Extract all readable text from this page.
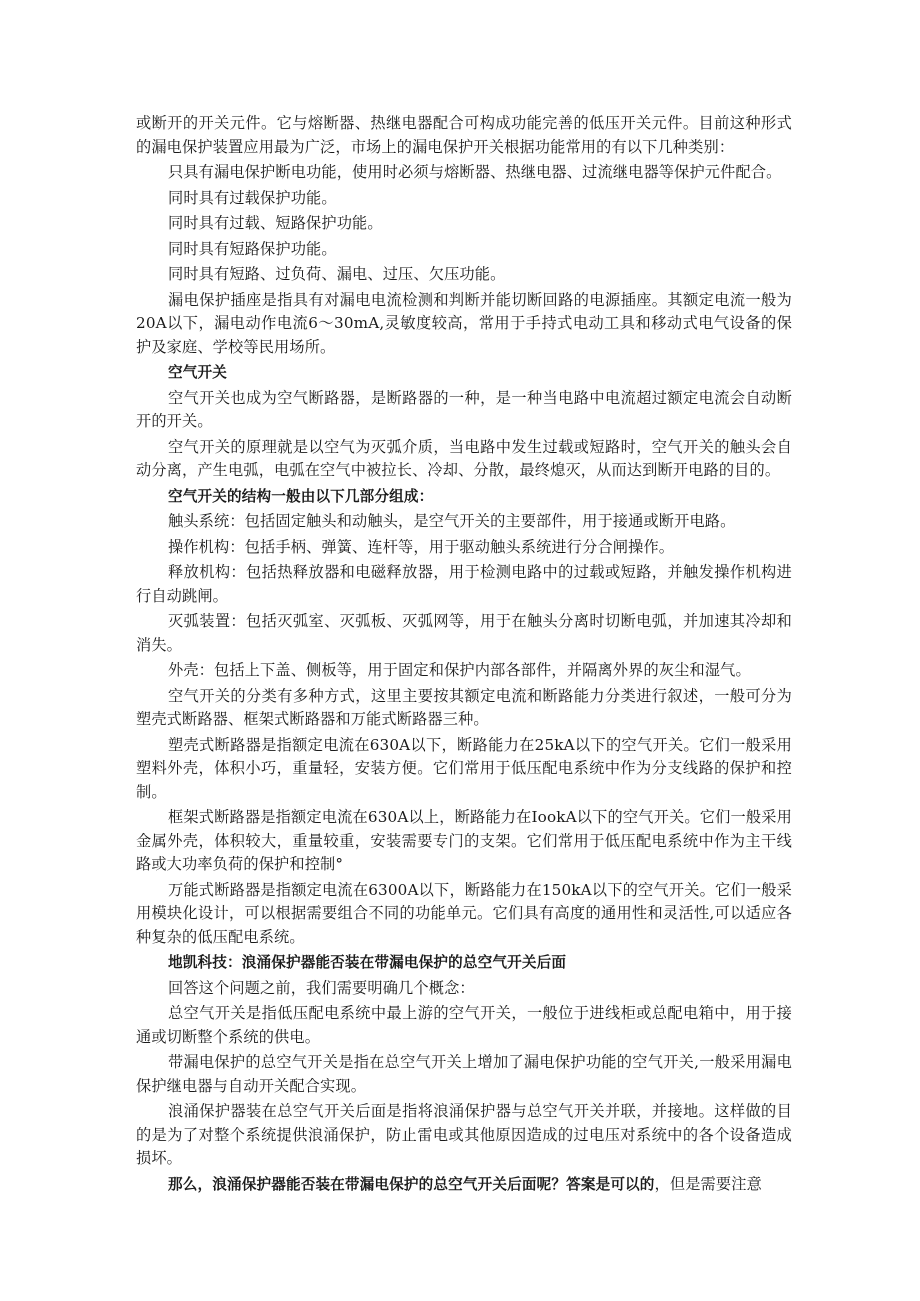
或断开的开关元件。它与熔断器、热继电器配合可构成功能完善的低压开关元件。目前这种形式的漏电保护装置应用最为广泛，市场上的漏电保护开关根据功能常用的有以下几种类别：

只具有漏电保护断电功能，使用时必须与熔断器、热继电器、过流继电器等保护元件配合。

同时具有过载保护功能。

同时具有过载、短路保护功能。

同时具有短路保护功能。

同时具有短路、过负荷、漏电、过压、欠压功能。

漏电保护插座是指具有对漏电电流检测和判断并能切断回路的电源插座。其额定电流一般为20A以下，漏电动作电流6～30mA,灵敏度较高，常用于手持式电动工具和移动式电气设备的保护及家庭、学校等民用场所。

空气开关

空气开关也成为空气断路器，是断路器的一种，是一种当电路中电流超过额定电流会自动断开的开关。

空气开关的原理就是以空气为灭弧介质，当电路中发生过载或短路时，空气开关的触头会自动分离，产生电弧，电弧在空气中被拉长、冷却、分散，最终熄灭，从而达到断开电路的目的。

空气开关的结构一般由以下几部分组成：

触头系统：包括固定触头和动触头，是空气开关的主要部件，用于接通或断开电路。

操作机构：包括手柄、弹簧、连杆等，用于驱动触头系统进行分合闸操作。

释放机构：包括热释放器和电磁释放器，用于检测电路中的过载或短路，并触发操作机构进行自动跳闸。

灭弧装置：包括灭弧室、灭弧板、灭弧网等，用于在触头分离时切断电弧，并加速其冷却和消失。

外壳：包括上下盖、侧板等，用于固定和保护内部各部件，并隔离外界的灰尘和湿气。

空气开关的分类有多种方式，这里主要按其额定电流和断路能力分类进行叙述，一般可分为塑壳式断路器、框架式断路器和万能式断路器三种。

塑壳式断路器是指额定电流在630A以下，断路能力在25kA以下的空气开关。它们一般采用塑料外壳，体积小巧，重量轻，安装方便。它们常用于低压配电系统中作为分支线路的保护和控制。

框架式断路器是指额定电流在630A以上，断路能力在IookA以下的空气开关。它们一般采用金属外壳，体积较大，重量较重，安装需要专门的支架。它们常用于低压配电系统中作为主干线路或大功率负荷的保护和控制°

万能式断路器是指额定电流在6300A以下，断路能力在150kA以下的空气开关。它们一般采用模块化设计，可以根据需要组合不同的功能单元。它们具有高度的通用性和灵活性,可以适应各种复杂的低压配电系统。

地凯科技：浪涌保护器能否装在带漏电保护的总空气开关后面

回答这个问题之前，我们需要明确几个概念：

总空气开关是指低压配电系统中最上游的空气开关，一般位于进线柜或总配电箱中，用于接通或切断整个系统的供电。

带漏电保护的总空气开关是指在总空气开关上增加了漏电保护功能的空气开关,一般采用漏电保护继电器与自动开关配合实现。

浪涌保护器装在总空气开关后面是指将浪涌保护器与总空气开关并联，并接地。这样做的目的是为了对整个系统提供浪涌保护，防止雷电或其他原因造成的过电压对系统中的各个设备造成损坏。

那么，浪涌保护器能否装在带漏电保护的总空气开关后面呢？答案是可以的，但是需要注意
